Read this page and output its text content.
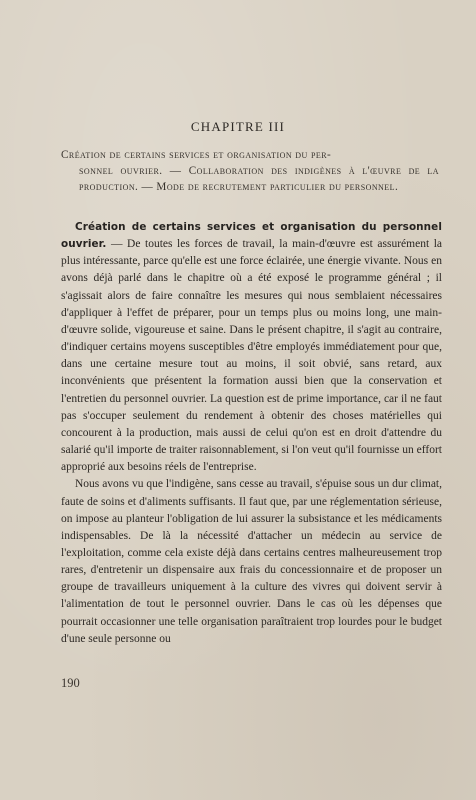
CHAPITRE III
Création de certains services et organisation du per-
sonnel ouvrier. — Collaboration des indigènes à l'œuvre de la production. — Mode de recrutement particulier du personnel.

Création de certains services et organisation du personnel ouvrier. — De toutes les forces de travail, la main-d'œuvre est assurément la plus intéressante, parce qu'elle est une force éclairée, une énergie vivante. Nous en avons déjà parlé dans le chapitre où a été exposé le programme général ; il s'agissait alors de faire connaître les mesures qui nous semblaient nécessaires d'appliquer à l'effet de préparer, pour un temps plus ou moins long, une main-d'œuvre solide, vigoureuse et saine. Dans le présent chapitre, il s'agit au contraire, d'indiquer certains moyens susceptibles d'être employés immédiatement pour que, dans une certaine mesure tout au moins, il soit obvié, sans retard, aux inconvénients que présentent la formation aussi bien que la conservation et l'entretien du personnel ouvrier. La question est de prime importance, car il ne faut pas s'occuper seulement du rendement à obtenir des choses matérielles qui concourent à la production, mais aussi de celui qu'on est en droit d'attendre du salarié qu'il importe de traiter raisonnablement, si l'on veut qu'il fournisse un effort approprié aux besoins réels de l'entreprise.

Nous avons vu que l'indigène, sans cesse au travail, s'épuise sous un dur climat, faute de soins et d'aliments suffisants. Il faut que, par une réglementation sérieuse, on impose au planteur l'obligation de lui assurer la subsistance et les médicaments indispensables. De là la nécessité d'attacher un médecin au service de l'exploitation, comme cela existe déjà dans certains centres malheureusement trop rares, d'entretenir un dispensaire aux frais du concessionnaire et de proposer un groupe de travailleurs uniquement à la culture des vivres qui doivent servir à l'alimentation de tout le personnel ouvrier. Dans le cas où les dépenses que pourrait occasionner une telle organisation paraîtraient trop lourdes pour le budget d'une seule personne ou

190
